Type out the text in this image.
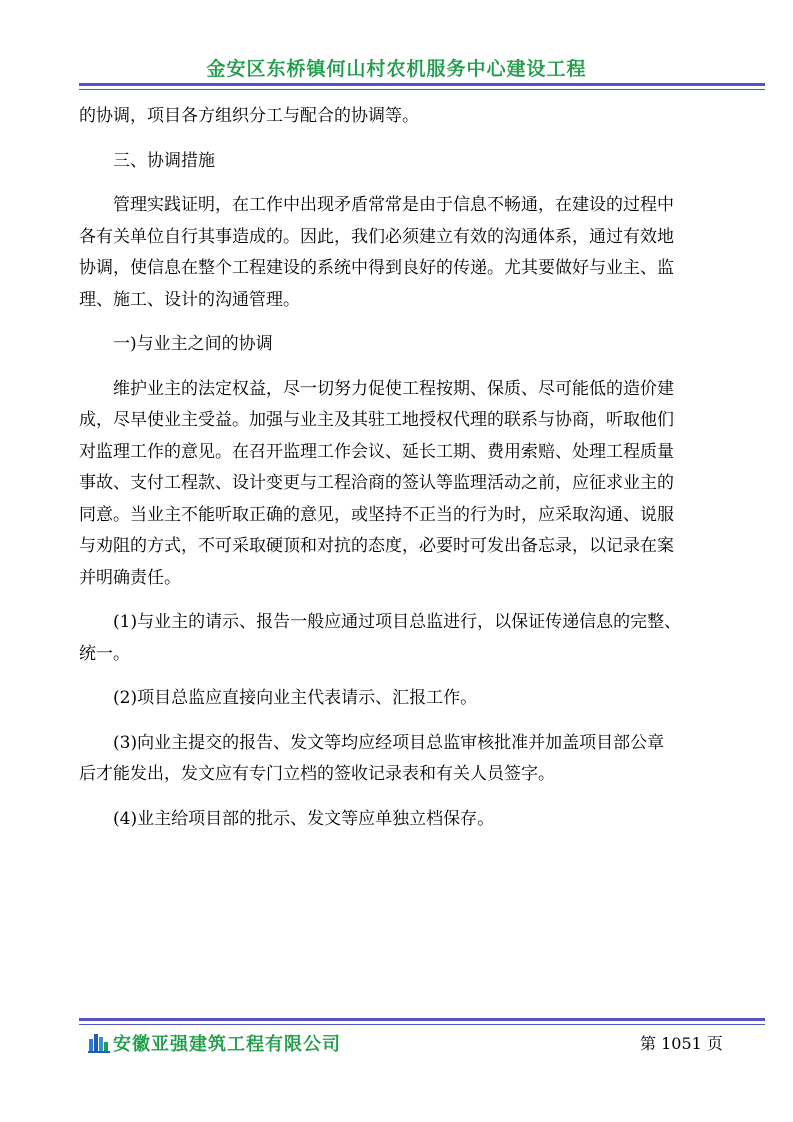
金安区东桥镇何山村农机服务中心建设工程

的协调，项目各方组织分工与配合的协调等。

三、协调措施

管理实践证明，在工作中出现矛盾常常是由于信息不畅通，在建设的过程中
各有关单位自行其事造成的。因此，我们必须建立有效的沟通体系，通过有效地
协调，使信息在整个工程建设的系统中得到良好的传递。尤其要做好与业主、监
理、施工、设计的沟通管理。

一)与业主之间的协调

维护业主的法定权益，尽一切努力促使工程按期、保质、尽可能低的造价建
成，尽早使业主受益。加强与业主及其驻工地授权代理的联系与协商，听取他们
对监理工作的意见。在召开监理工作会议、延长工期、费用索赔、处理工程质量
事故、支付工程款、设计变更与工程洽商的签认等监理活动之前，应征求业主的
同意。当业主不能听取正确的意见，或坚持不正当的行为时，应采取沟通、说服
与劝阻的方式，不可采取硬顶和对抗的态度，必要时可发出备忘录，以记录在案
并明确责任。

(1)与业主的请示、报告一般应通过项目总监进行，以保证传递信息的完整、
统一。

(2)项目总监应直接向业主代表请示、汇报工作。

(3)向业主提交的报告、发文等均应经项目总监审核批准并加盖项目部公章
后才能发出，发文应有专门立档的签收记录表和有关人员签字。

(4)业主给项目部的批示、发文等应单独立档保存。

安徽亚强建筑工程有限公司	第 1051 页
